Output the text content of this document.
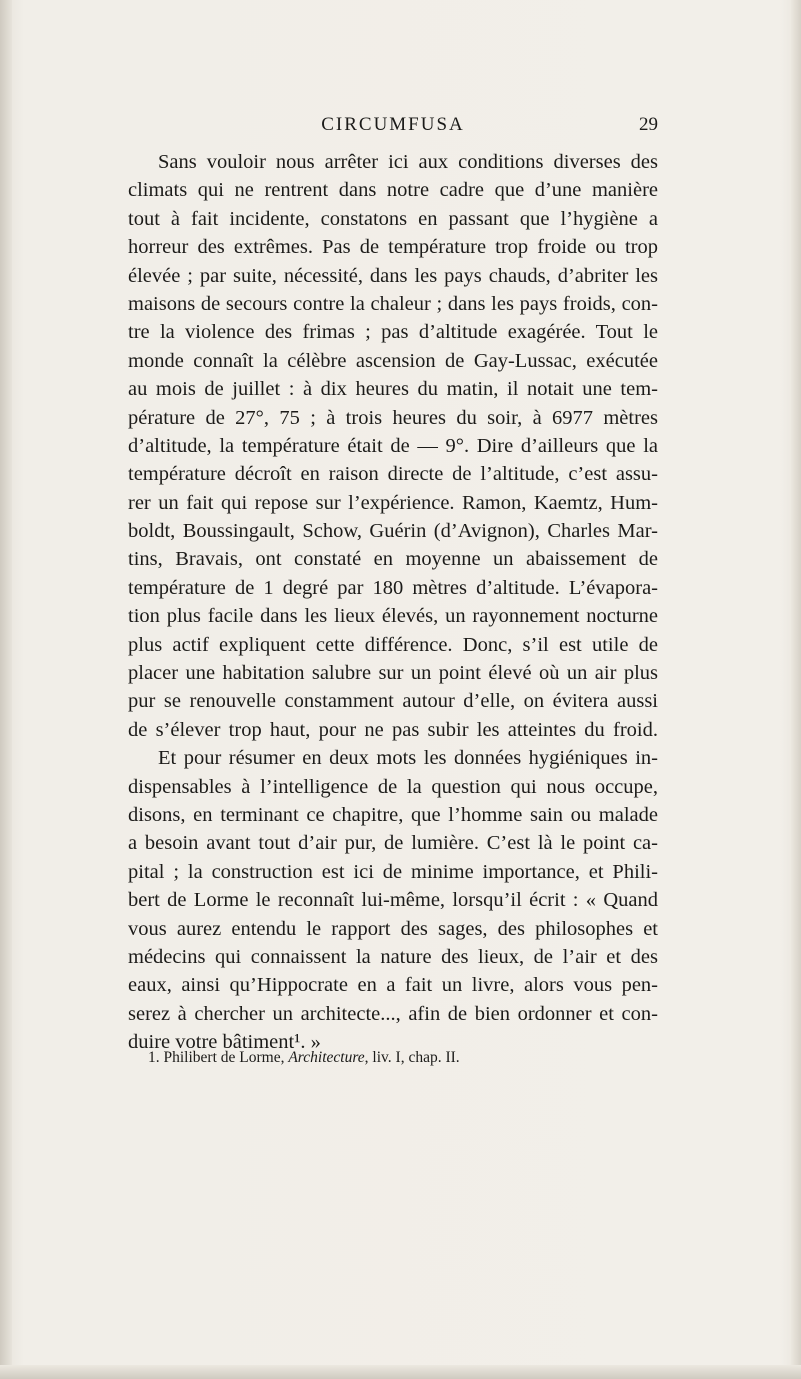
CIRCUMFUSA	29
Sans vouloir nous arrêter ici aux conditions diverses des
climats qui ne rentrent dans notre cadre que d’une manière
tout à fait incidente, constatons en passant que l’hygiène a
horreur des extrêmes. Pas de température trop froide ou trop
élevée ; par suite, nécessité, dans les pays chauds, d’abriter les
maisons de secours contre la chaleur ; dans les pays froids, con-
tre la violence des frimas ; pas d’altitude exagérée. Tout le
monde connaît la célèbre ascension de Gay-Lussac, exécutée
au mois de juillet : à dix heures du matin, il notait une tem-
pérature de 27°, 75 ; à trois heures du soir, à 6977 mètres
d’altitude, la température était de — 9°. Dire d’ailleurs que la
température décroît en raison directe de l’altitude, c’est assu-
rer un fait qui repose sur l’expérience. Ramon, Kaemtz, Hum-
boldt, Boussingault, Schow, Guérin (d’Avignon), Charles Mar-
tins, Bravais, ont constaté en moyenne un abaissement de
température de 1 degré par 180 mètres d’altitude. L’évapora-
tion plus facile dans les lieux élevés, un rayonnement nocturne
plus actif expliquent cette différence. Donc, s’il est utile de
placer une habitation salubre sur un point élevé où un air plus
pur se renouvelle constamment autour d’elle, on évitera aussi
de s’élever trop haut, pour ne pas subir les atteintes du froid.
Et pour résumer en deux mots les données hygiéniques in-
dispensables à l’intelligence de la question qui nous occupe,
disons, en terminant ce chapitre, que l’homme sain ou malade
a besoin avant tout d’air pur, de lumière. C’est là le point ca-
pital ; la construction est ici de minime importance, et Phili-
bert de Lorme le reconnaît lui-même, lorsqu’il écrit : « Quand
vous aurez entendu le rapport des sages, des philosophes et
médecins qui connaissent la nature des lieux, de l’air et des
eaux, ainsi qu’Hippocrate en a fait un livre, alors vous pen-
serez à chercher un architecte..., afin de bien ordonner et con-
duire votre bâtiment¹. »
1. Philibert de Lorme, Architecture, liv. I, chap. II.
